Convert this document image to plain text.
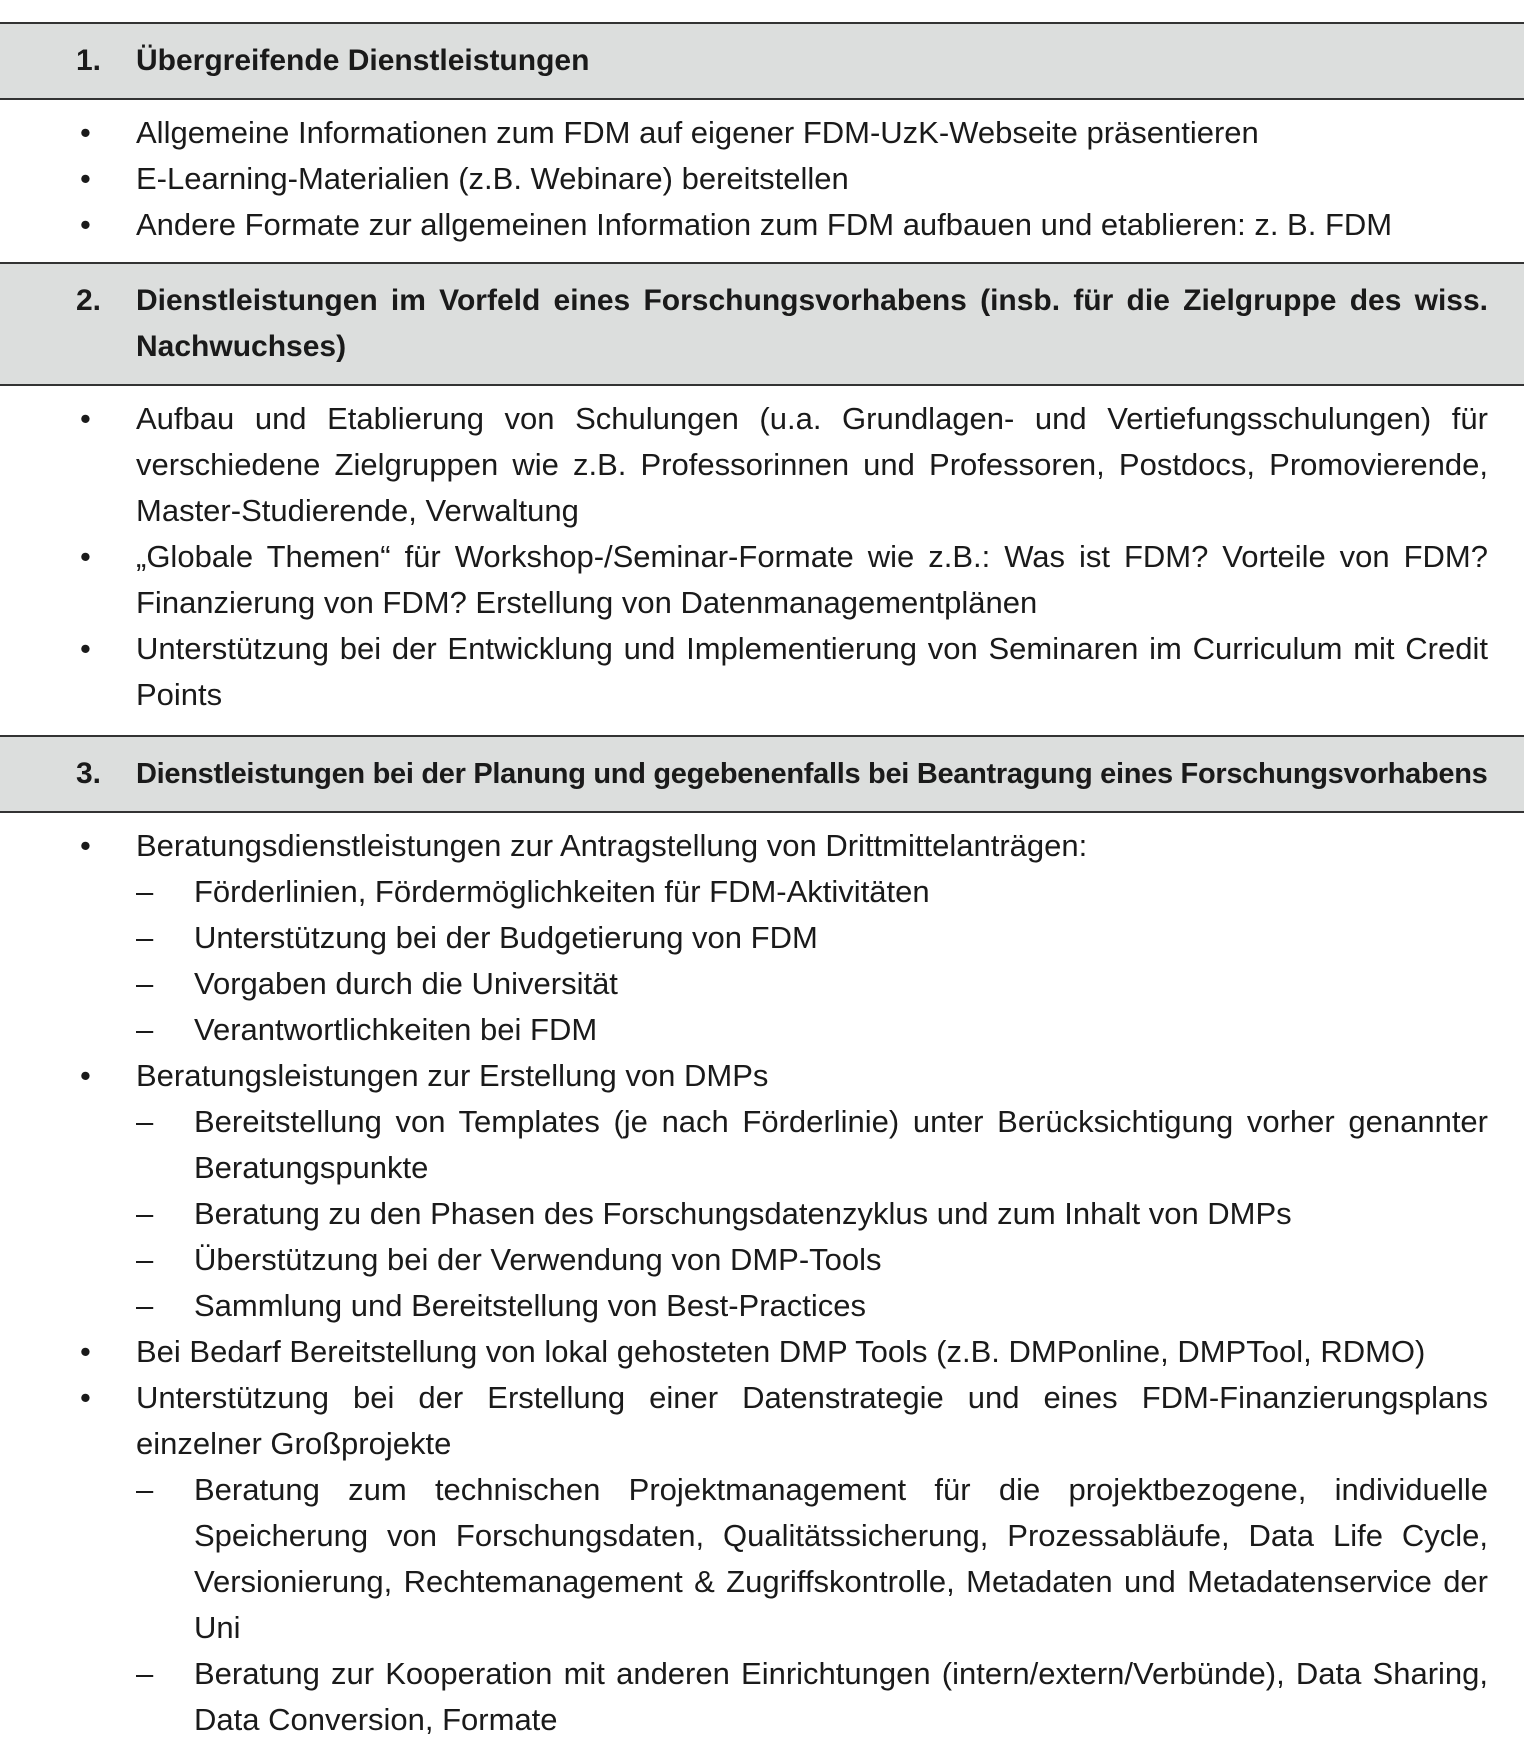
1.	Übergreifende Dienstleistungen
•	Allgemeine Informationen zum FDM auf eigener FDM-UzK-Webseite präsentieren
•	E-Learning-Materialien (z.B. Webinare) bereitstellen
•	Andere Formate zur allgemeinen Information zum FDM aufbauen und etablieren: z. B. FDM
2.	Dienstleistungen im Vorfeld eines Forschungsvorhabens (insb. für die Zielgruppe des wiss. Nachwuchses)
•	Aufbau und Etablierung von Schulungen (u.a. Grundlagen- und Vertiefungsschulungen) für verschiedene Zielgruppen wie z.B. Professorinnen und Professoren, Postdocs, Promovierende, Master-Studierende, Verwaltung
•	„Globale Themen“ für Workshop-/Seminar-Formate wie z.B.: Was ist FDM? Vorteile von FDM? Finanzierung von FDM? Erstellung von Datenmanagementplänen
•	Unterstützung bei der Entwicklung und Implementierung von Seminaren im Curriculum mit Credit Points
3.	Dienstleistungen bei der Planung und gegebenenfalls bei Beantragung eines Forschungsvorhabens
•	Beratungsdienstleistungen zur Antragstellung von Drittmittelanträgen:
–	Förderlinien, Fördermöglichkeiten für FDM-Aktivitäten
–	Unterstützung bei der Budgetierung von FDM
–	Vorgaben durch die Universität
–	Verantwortlichkeiten bei FDM
•	Beratungsleistungen zur Erstellung von DMPs
–	Bereitstellung von Templates (je nach Förderlinie) unter Berücksichtigung vorher genannter Beratungspunkte
–	Beratung zu den Phasen des Forschungsdatenzyklus und zum Inhalt von DMPs
–	Überstützung bei der Verwendung von DMP-Tools
–	Sammlung und Bereitstellung von Best-Practices
•	Bei Bedarf Bereitstellung von lokal gehosteten DMP Tools (z.B. DMPonline, DMPTool, RDMO)
•	Unterstützung bei der Erstellung einer Datenstrategie und eines FDM-Finanzierungsplans einzelner Großprojekte
–	Beratung zum technischen Projektmanagement für die projektbezogene, individuelle Speicherung von Forschungsdaten, Qualitätssicherung, Prozessabläufe, Data Life Cycle, Versionierung, Rechtemanagement & Zugriffskontrolle, Metadaten und Metadatenservice der Uni
–	Beratung zur Kooperation mit anderen Einrichtungen (intern/extern/Verbünde), Data Sharing, Data Conversion, Formate
